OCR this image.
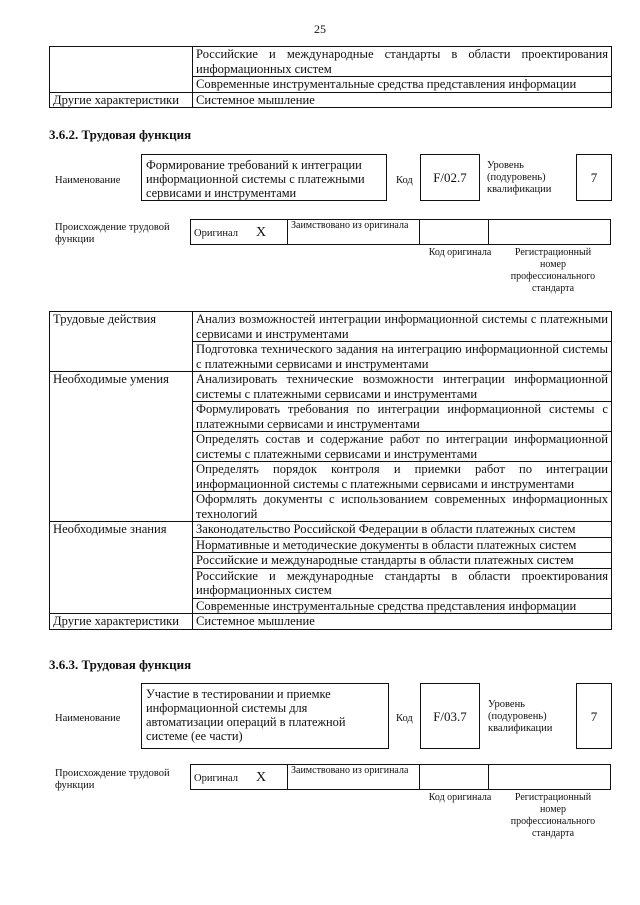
25
	Российские и международные стандарты в области проектирования информационных систем
	Современные инструментальные средства представления информации
Другие характеристики	Системное мышление
3.6.2. Трудовая функция
Наименование
Формирование требований к интеграции информационной системы с платежными сервисами и инструментами
Код	F/02.7
Уровень (подуровень) квалификации
7
Происхождение трудовой функции
Оригинал X	Заимствовано из оригинала		
Код оригинала	Регистрационный номер профессионального стандарта
Трудовые действия	Анализ возможностей интеграции информационной системы с платежными сервисами и инструментами
	Подготовка технического задания на интеграцию информационной системы с платежными сервисами и инструментами
Необходимые умения	Анализировать технические возможности интеграции информационной системы с платежными сервисами и инструментами
	Формулировать требования по интеграции информационной системы с платежными сервисами и инструментами
	Определять состав и содержание работ по интеграции информационной системы с платежными сервисами и инструментами
	Определять порядок контроля и приемки работ по интеграции информационной системы с платежными сервисами и инструментами
	Оформлять документы с использованием современных информационных технологий
Необходимые знания	Законодательство Российской Федерации в области платежных систем
	Нормативные и методические документы в области платежных систем
	Российские и международные стандарты в области платежных систем
	Российские и международные стандарты в области проектирования информационных систем
	Современные инструментальные средства представления информации
Другие характеристики	Системное мышление
3.6.3. Трудовая функция
Наименование
Участие в тестировании и приемке информационной системы для автоматизации операций в платежной системе (ее части)
Код	F/03.7
Уровень (подуровень) квалификации
7
Происхождение трудовой функции
Оригинал X	Заимствовано из оригинала		
Код оригинала	Регистрационный номер профессионального стандарта
